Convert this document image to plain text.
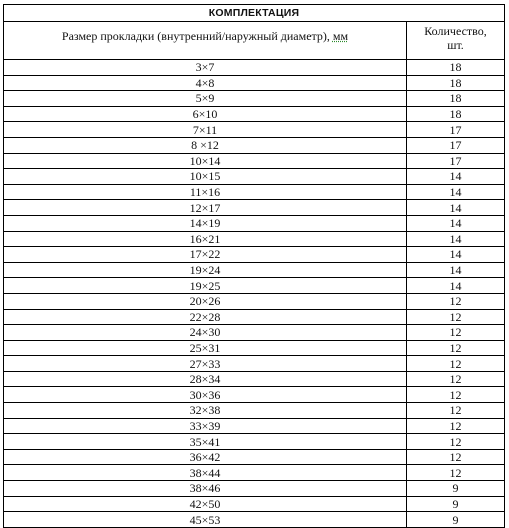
КОМПЛЕКТАЦИЯ	
Размер прокладки (внутренний/наружный диаметр), мм	Количество,
шт.
3×7	18
4×8	18
5×9	18
6×10	18
7×11	17
8 ×12	17
10×14	17
10×15	14
11×16	14
12×17	14
14×19	14
16×21	14
17×22	14
19×24	14
19×25	14
20×26	12
22×28	12
24×30	12
25×31	12
27×33	12
28×34	12
30×36	12
32×38	12
33×39	12
35×41	12
36×42	12
38×44	12
38×46	9
42×50	9
45×53	9
